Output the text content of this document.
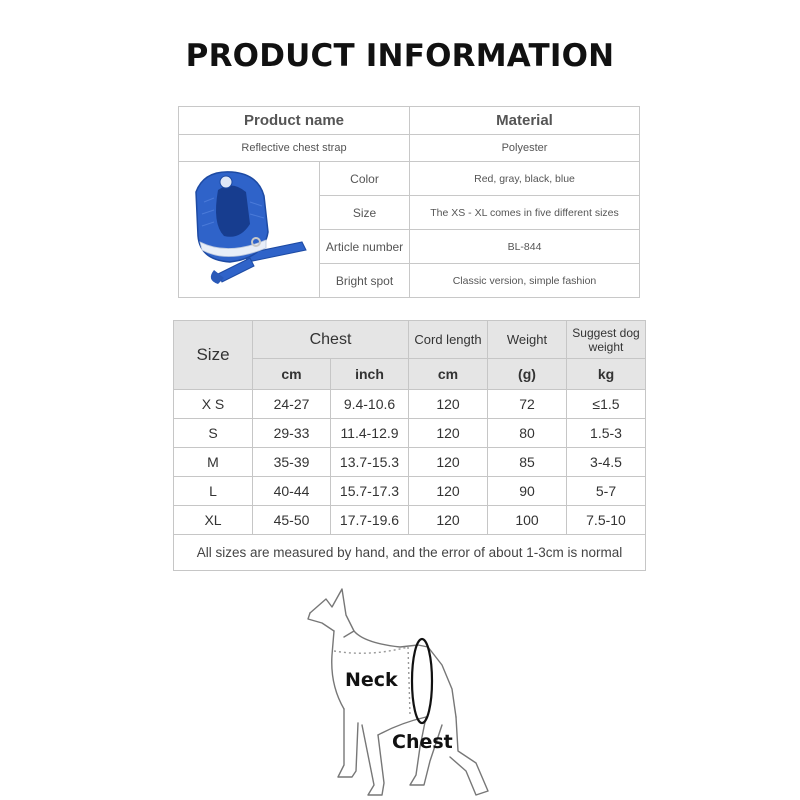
PRODUCT INFORMATION
Product name		Material
Reflective chest strap		Polyester
	Color	Red, gray, black, blue
	Size	The XS - XL comes in five different sizes
	Article number	BL-844
	Bright spot	Classic version, simple fashion
Size	Chest		Cord length	Weight	Suggest dog
weight

	cm	inch	cm	(g)	kg
X S	24-27	9.4-10.6	120	72	≤1.5
S	29-33	11.4-12.9	120	80	1.5-3
M	35-39	13.7-15.3	120	85	3-4.5
L	40-44	15.7-17.3	120	90	5-7
XL	45-50	17.7-19.6	120	100	7.5-10
All sizes are measured by hand, and the error of about 1-3cm is normal					
Neck
Chest
